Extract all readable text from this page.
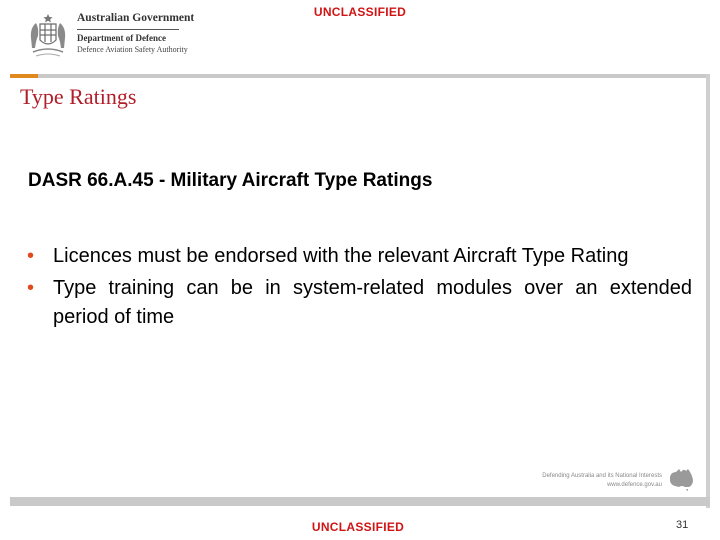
UNCLASSIFIED
Australian Government
Department of Defence
Defence Aviation Safety Authority
Type Ratings
DASR 66.A.45 - Military Aircraft Type Ratings
• Licences must be endorsed with the relevant Aircraft Type Rating
• Type training can be in system-related modules over an extended period of time
Defending Australia and its National Interests
www.defence.gov.au
UNCLASSIFIED	31
